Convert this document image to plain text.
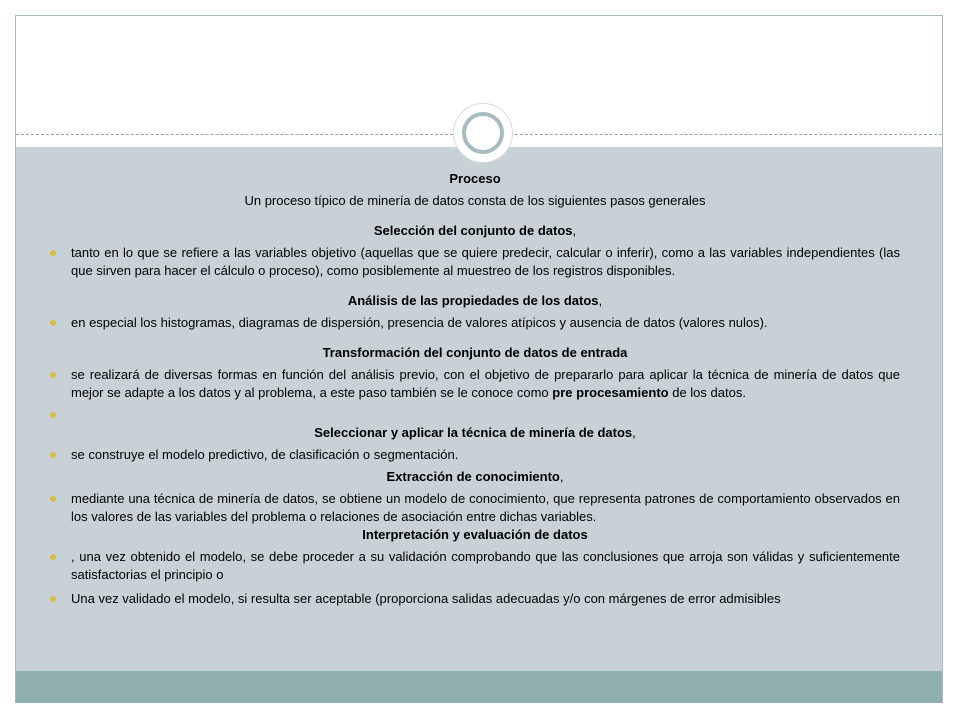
Proceso

Un proceso típico de minería de datos consta de los siguientes pasos generales

Selección del conjunto de datos,

tanto en lo que se refiere a las variables objetivo (aquellas que se quiere predecir, calcular o inferir), como a las variables independientes (las que sirven para hacer el cálculo o proceso), como posiblemente al muestreo de los registros disponibles.

Análisis de las propiedades de los datos,

en especial los histogramas, diagramas de dispersión, presencia de valores atípicos y ausencia de datos (valores nulos).

Transformación del conjunto de datos de entrada

se realizará de diversas formas en función del análisis previo, con el objetivo de prepararlo para aplicar la técnica de minería de datos que mejor se adapte a los datos y al problema, a este paso también se le conoce como pre procesamiento de los datos.

Seleccionar y aplicar la técnica de minería de datos,

se construye el modelo predictivo, de clasificación o segmentación.

Extracción de conocimiento,

mediante una técnica de minería de datos, se obtiene un modelo de conocimiento, que representa patrones de comportamiento observados en los valores de las variables del problema o relaciones de asociación entre dichas variables.

Interpretación y evaluación de datos

, una vez obtenido el modelo, se debe proceder a su validación comprobando que las conclusiones que arroja son válidas y suficientemente satisfactorias el principio o

Una vez validado el modelo, si resulta ser aceptable (proporciona salidas adecuadas y/o con márgenes de error admisibles
